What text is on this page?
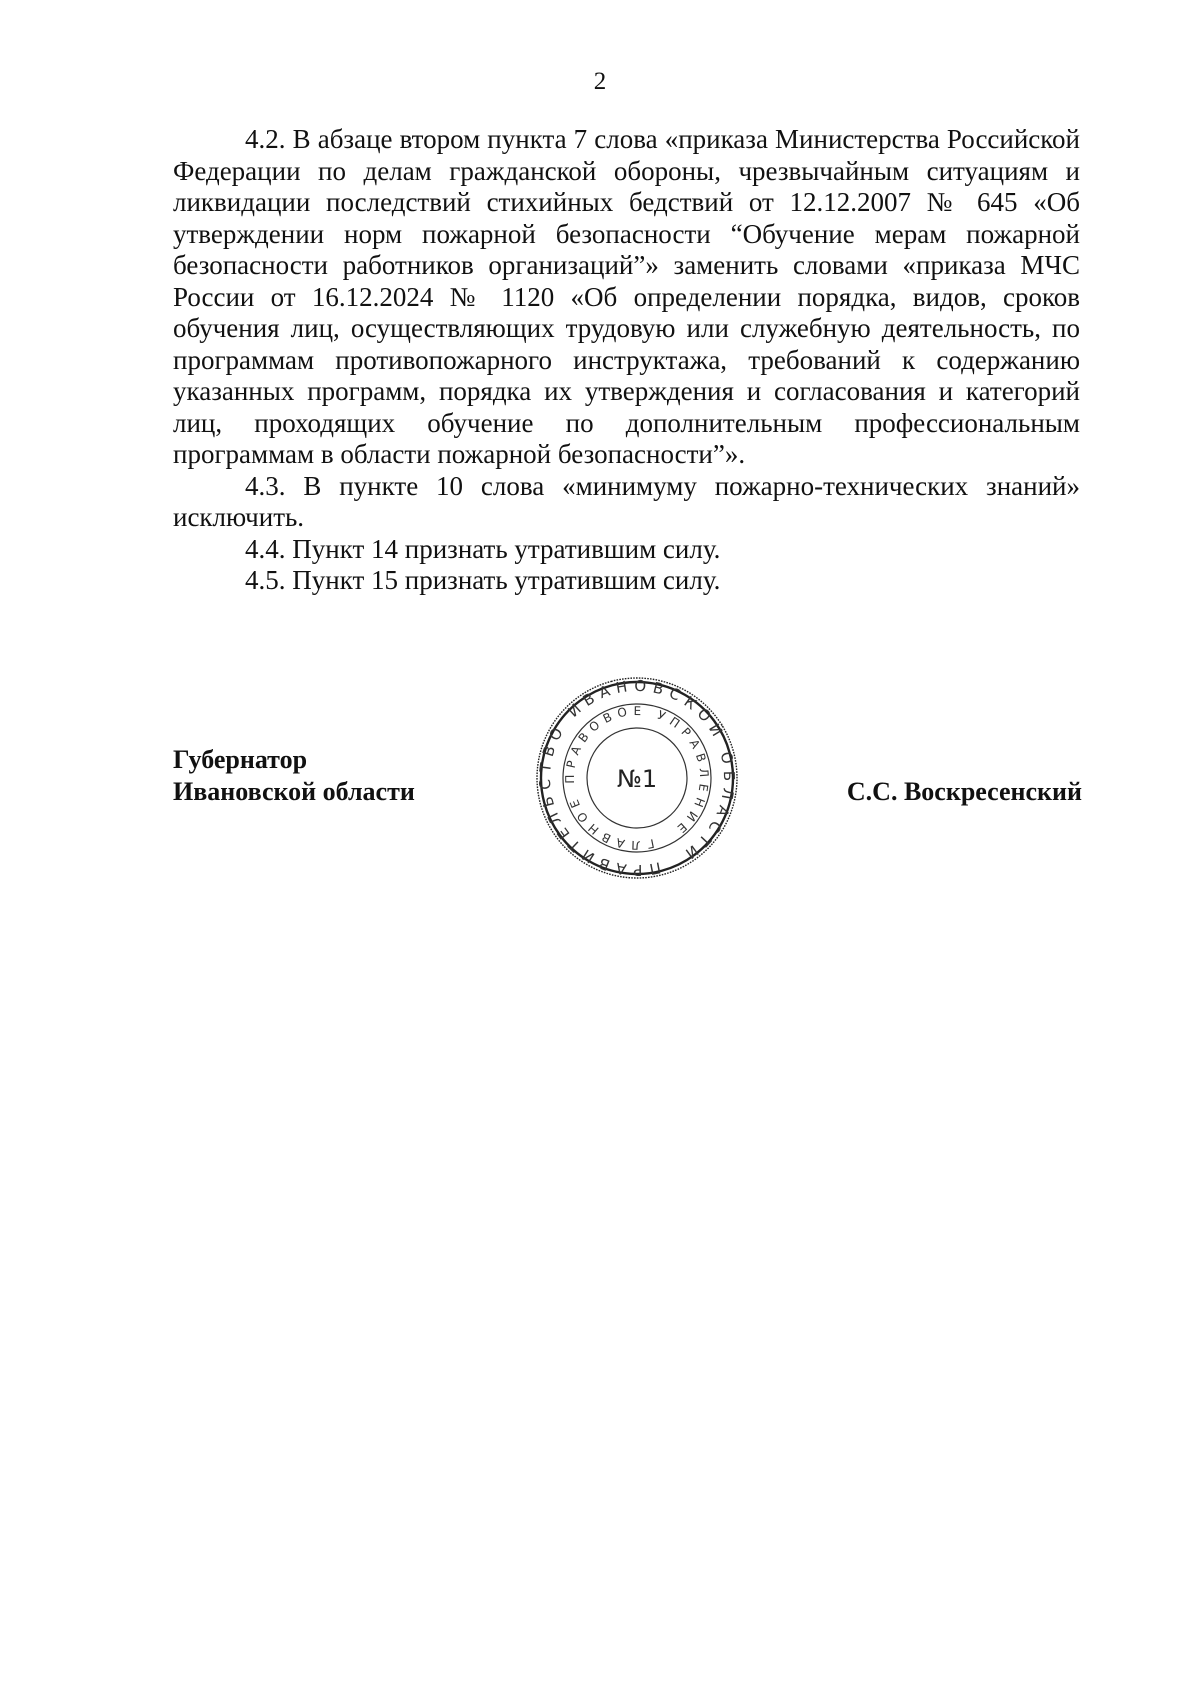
2

4.2. В абзаце втором пункта 7 слова «приказа Министерства Российской Федерации по делам гражданской обороны, чрезвычайным ситуациям и ликвидации последствий стихийных бедствий от 12.12.2007 № 645 «Об утверждении норм пожарной безопасности “Обучение мерам пожарной безопасности работников организаций”» заменить словами «приказа МЧС России от 16.12.2024 № 1120 «Об определении порядка, видов, сроков обучения лиц, осуществляющих трудовую или служебную деятельность, по программам противопожарного инструктажа, требований к содержанию указанных программ, порядка их утверждения и согласования и категорий лиц, проходящих обучение по дополнительным профессиональным программам в области пожарной безопасности”».

4.3. В пункте 10 слова «минимуму пожарно-технических знаний» исключить.

4.4. Пункт 14 признать утратившим силу.

4.5. Пункт 15 признать утратившим силу.

Губернатор
Ивановской области	С.С. Воскресенский
ПРАВИТЕЛЬСТВО ИВАНОВСКОЙ ОБЛАСТИ
ГЛАВНОЕ ПРАВОВОЕ УПРАВЛЕНИЕ
№1
